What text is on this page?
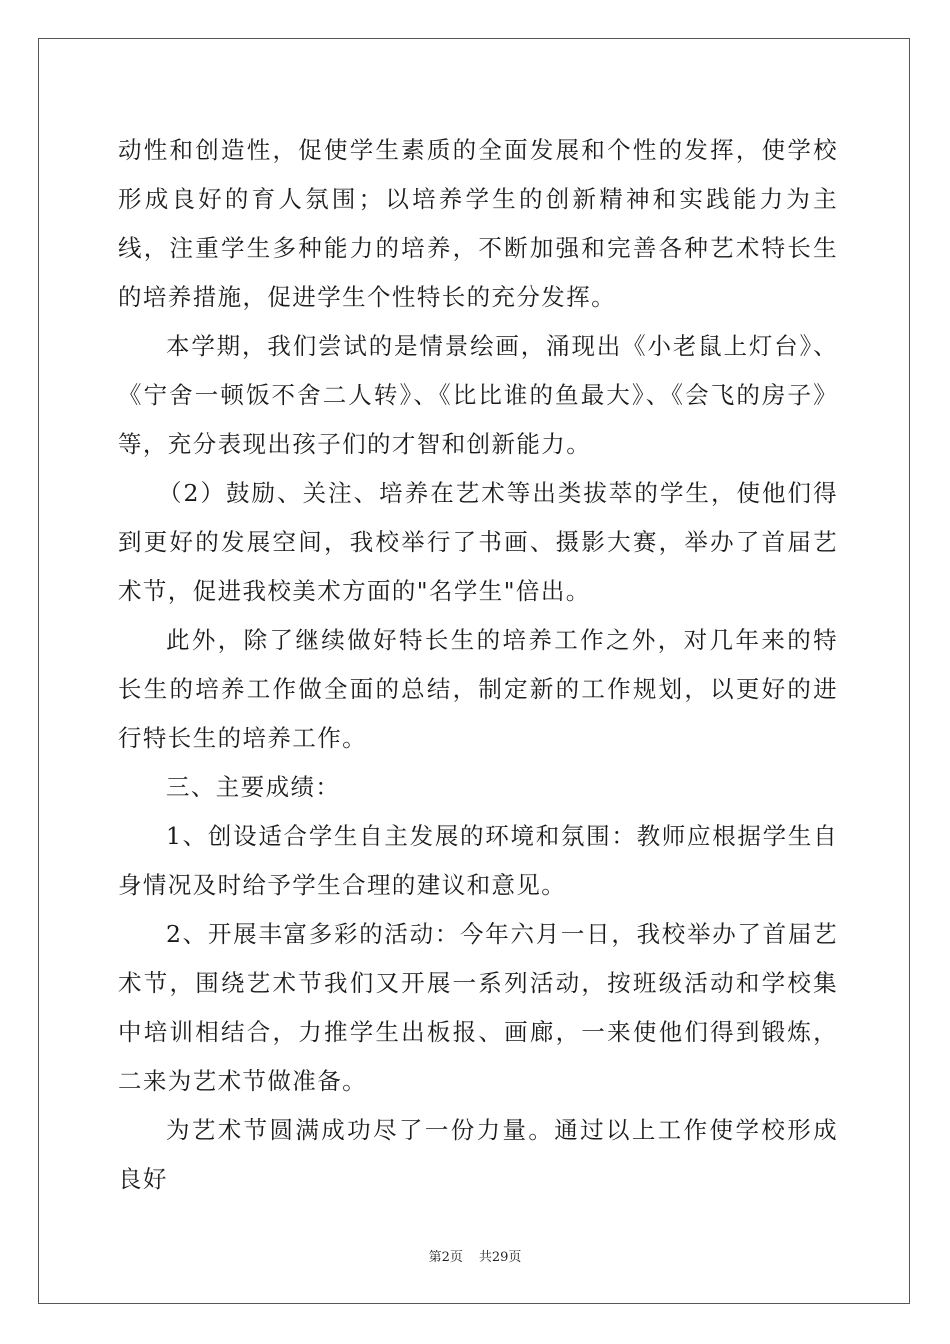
动性和创造性，促使学生素质的全面发展和个性的发挥，使学校形成良好的育人氛围；以培养学生的创新精神和实践能力为主线，注重学生多种能力的培养，不断加强和完善各种艺术特长生的培养措施，促进学生个性特长的充分发挥。

本学期，我们尝试的是情景绘画，涌现出《小老鼠上灯台》、《宁舍一顿饭不舍二人转》、《比比谁的鱼最大》、《会飞的房子》等，充分表现出孩子们的才智和创新能力。

（2）鼓励、关注、培养在艺术等出类拔萃的学生，使他们得到更好的发展空间，我校举行了书画、摄影大赛，举办了首届艺术节，促进我校美术方面的"名学生"倍出。

此外，除了继续做好特长生的培养工作之外，对几年来的特长生的培养工作做全面的总结，制定新的工作规划，以更好的进行特长生的培养工作。

三、主要成绩：

1、创设适合学生自主发展的环境和氛围：教师应根据学生自身情况及时给予学生合理的建议和意见。

2、开展丰富多彩的活动：今年六月一日，我校举办了首届艺术节，围绕艺术节我们又开展一系列活动，按班级活动和学校集中培训相结合，力推学生出板报、画廊，一来使他们得到锻炼，二来为艺术节做准备。

为艺术节圆满成功尽了一份力量。通过以上工作使学校形成良好

第2页 共29页
